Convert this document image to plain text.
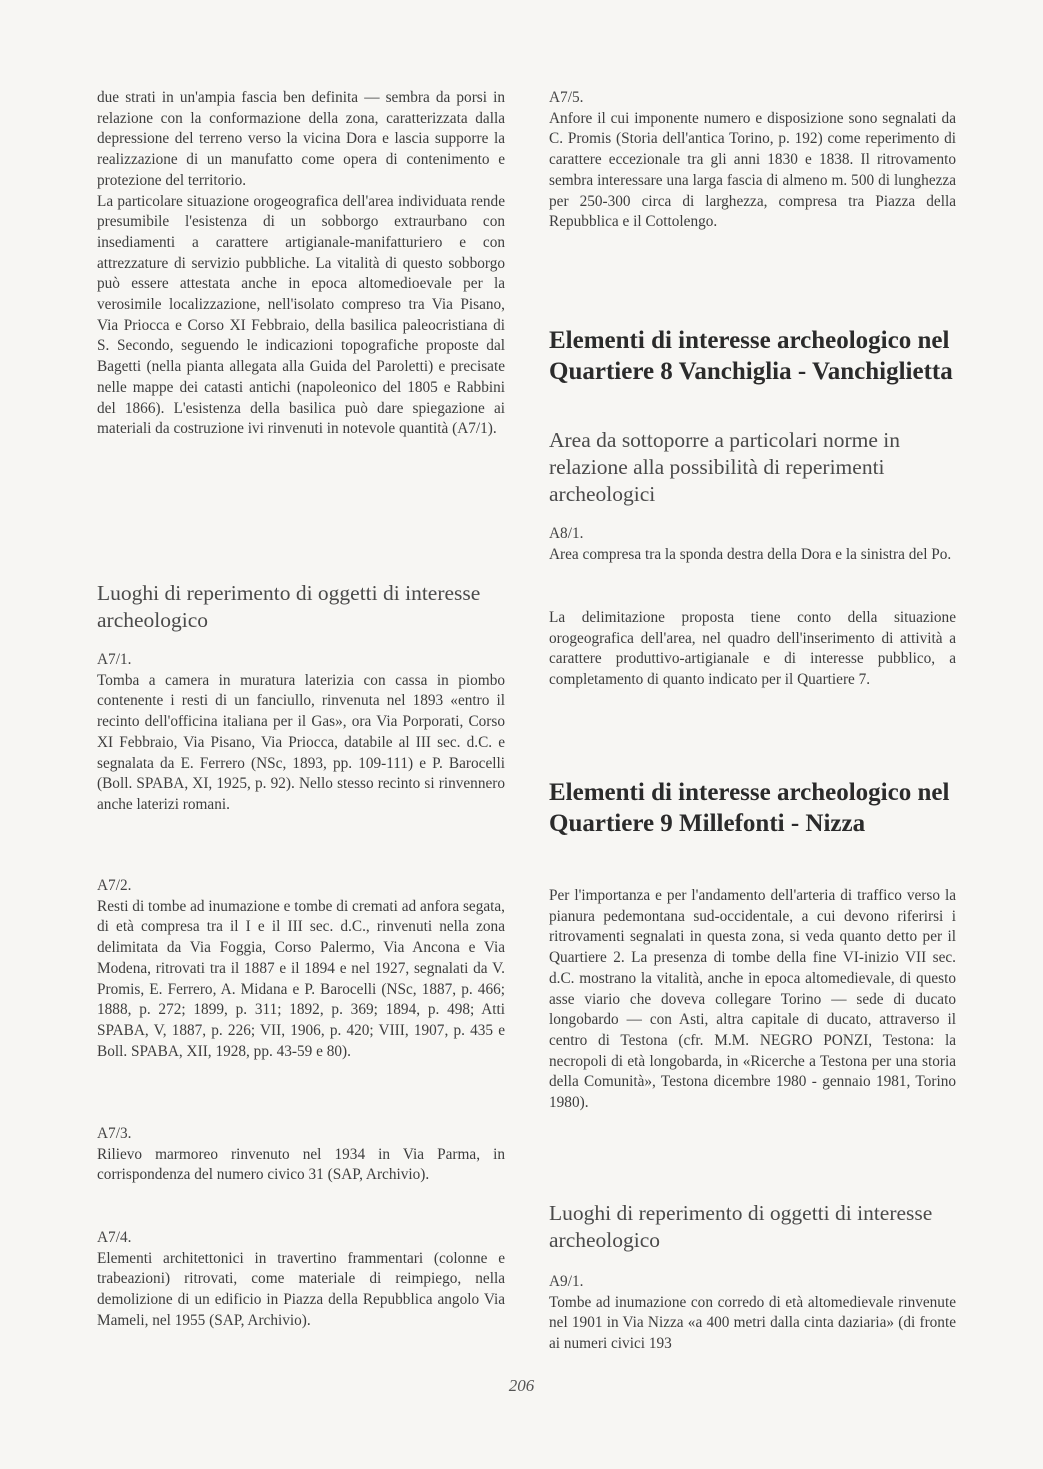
due strati in un'ampia fascia ben definita — sembra da porsi in relazione con la conformazione della zona, caratterizzata dalla depressione del terreno verso la vicina Dora e lascia supporre la realizzazione di un manufatto come opera di contenimento e protezione del territorio.

La particolare situazione orogeografica dell'area individuata rende presumibile l'esistenza di un sobborgo extraurbano con insediamenti a carattere artigianale-manifatturiero e con attrezzature di servizio pubbliche. La vitalità di questo sobborgo può essere attestata anche in epoca altomedioevale per la verosimile localizzazione, nell'isolato compreso tra Via Pisano, Via Priocca e Corso XI Febbraio, della basilica paleocristiana di S. Secondo, seguendo le indicazioni topografiche proposte dal Bagetti (nella pianta allegata alla Guida del Paroletti) e precisate nelle mappe dei catasti antichi (napoleonico del 1805 e Rabbini del 1866). L'esistenza della basilica può dare spiegazione ai materiali da costruzione ivi rinvenuti in notevole quantità (A7/1).

Luoghi di reperimento di oggetti di interesse archeologico
A7/1.

Tomba a camera in muratura laterizia con cassa in piombo contenente i resti di un fanciullo, rinvenuta nel 1893 «entro il recinto dell'officina italiana per il Gas», ora Via Porporati, Corso XI Febbraio, Via Pisano, Via Priocca, databile al III sec. d.C. e segnalata da E. Ferrero (NSc, 1893, pp. 109-111) e P. Barocelli (Boll. SPABA, XI, 1925, p. 92). Nello stesso recinto si rinvennero anche laterizi romani.

A7/2.

Resti di tombe ad inumazione e tombe di cremati ad anfora segata, di età compresa tra il I e il III sec. d.C., rinvenuti nella zona delimitata da Via Foggia, Corso Palermo, Via Ancona e Via Modena, ritrovati tra il 1887 e il 1894 e nel 1927, segnalati da V. Promis, E. Ferrero, A. Midana e P. Barocelli (NSc, 1887, p. 466; 1888, p. 272; 1899, p. 311; 1892, p. 369; 1894, p. 498; Atti SPABA, V, 1887, p. 226; VII, 1906, p. 420; VIII, 1907, p. 435 e Boll. SPABA, XII, 1928, pp. 43-59 e 80).

A7/3.

Rilievo marmoreo rinvenuto nel 1934 in Via Parma, in corrispondenza del numero civico 31 (SAP, Archivio).

A7/4.

Elementi architettonici in travertino frammentari (colonne e trabeazioni) ritrovati, come materiale di reimpiego, nella demolizione di un edificio in Piazza della Repubblica angolo Via Mameli, nel 1955 (SAP, Archivio).

A7/5.

Anfore il cui imponente numero e disposizione sono segnalati da C. Promis (Storia dell'antica Torino, p. 192) come reperimento di carattere eccezionale tra gli anni 1830 e 1838. Il ritrovamento sembra interessare una larga fascia di almeno m. 500 di lunghezza per 250-300 circa di larghezza, compresa tra Piazza della Repubblica e il Cottolengo.

Elementi di interesse archeologico nel Quartiere 8 Vanchiglia - Vanchiglietta
Area da sottoporre a particolari norme in relazione alla possibilità di reperimenti archeologici
A8/1.

Area compresa tra la sponda destra della Dora e la sinistra del Po.

La delimitazione proposta tiene conto della situazione orogeografica dell'area, nel quadro dell'inserimento di attività a carattere produttivo-artigianale e di interesse pubblico, a completamento di quanto indicato per il Quartiere 7.

Elementi di interesse archeologico nel Quartiere 9 Millefonti - Nizza

Per l'importanza e per l'andamento dell'arteria di traffico verso la pianura pedemontana sud-occidentale, a cui devono riferirsi i ritrovamenti segnalati in questa zona, si veda quanto detto per il Quartiere 2. La presenza di tombe della fine VI-inizio VII sec. d.C. mostrano la vitalità, anche in epoca altomedievale, di questo asse viario che doveva collegare Torino — sede di ducato longobardo — con Asti, altra capitale di ducato, attraverso il centro di Testona (cfr. M.M. NEGRO PONZI, Testona: la necropoli di età longobarda, in «Ricerche a Testona per una storia della Comunità», Testona dicembre 1980 - gennaio 1981, Torino 1980).

Luoghi di reperimento di oggetti di interesse archeologico
A9/1.

Tombe ad inumazione con corredo di età altomedievale rinvenute nel 1901 in Via Nizza «a 400 metri dalla cinta daziaria» (di fronte ai numeri civici 193

206
